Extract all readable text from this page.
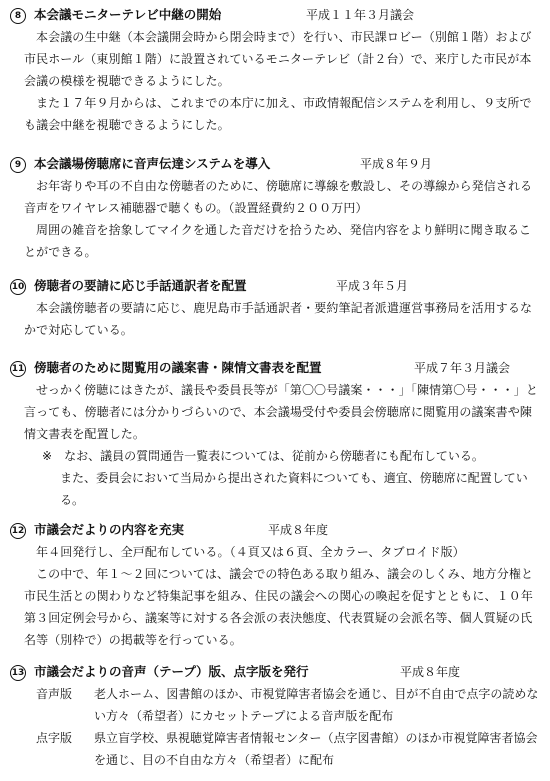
8	本会議モニターテレビ中継の開始	平成１１年３月議会

本会議の生中継（本会議開会時から閉会時まで）を行い、市民課ロビー（別館１階）および市民ホール（東別館１階）に設置されているモニターテレビ（計２台）で、来庁した市民が本会議の模様を視聴できるようにした。

また１７年９月からは、これまでの本庁に加え、市政情報配信システムを利用し、９支所でも議会中継を視聴できるようにした。

9	本会議場傍聴席に音声伝達システムを導入	平成８年９月

お年寄りや耳の不自由な傍聴者のために、傍聴席に導線を敷設し、その導線から発信される音声をワイヤレス補聴器で聴くもの。（設置経費約２００万円）

周囲の雑音を捨象してマイクを通した音だけを拾うため、発信内容をより鮮明に聞き取ることができる。

10 傍聴者の要請に応じ手話通訳者を配置	平成３年５月

本会議傍聴者の要請に応じ、鹿児島市手話通訳者・要約筆記者派遣運営事務局を活用するなかで対応している。

11 傍聴者のために閲覧用の議案書・陳情文書表を配置	平成７年３月議会

せっかく傍聴にはきたが、議長や委員長等が「第〇〇号議案・・・」「陳情第〇号・・・」と言っても、傍聴者には分かりづらいので、本会議場受付や委員会傍聴席に閲覧用の議案書や陳情文書表を配置した。

※　 なお、議員の質問通告一覧表については、従前から傍聴者にも配布している。

また、委員会において当局から提出された資料についても、適宜、傍聴席に配置している。

12 市議会だよりの内容を充実	平成８年度

年４回発行し、全戸配布している。（４頁又は６頁、全カラー、タブロイド版）

この中で、年１～２回については、議会での特色ある取り組み、議会のしくみ、地方分権と市民生活との関わりなど特集記事を組み、住民の議会への関心の喚起を促すとともに、１０年第３回定例会号から、議案等に対する各会派の表決態度、代表質疑の会派名等、個人質疑の氏名等（別枠で）の掲載等を行っている。

13 市議会だよりの音声（テープ）版、点字版を発行	平成８年度

音声版 老人ホーム、図書館のほか、市視覚障害者協会を通じ、目が不自由で点字の読めない方々（希望者）にカセットテープによる音声版を配布

点字版 県立盲学校、県視聴覚障害者情報センター（点字図書館）のほか市視覚障害者協会を通じ、目の不自由な方々（希望者）に配布
